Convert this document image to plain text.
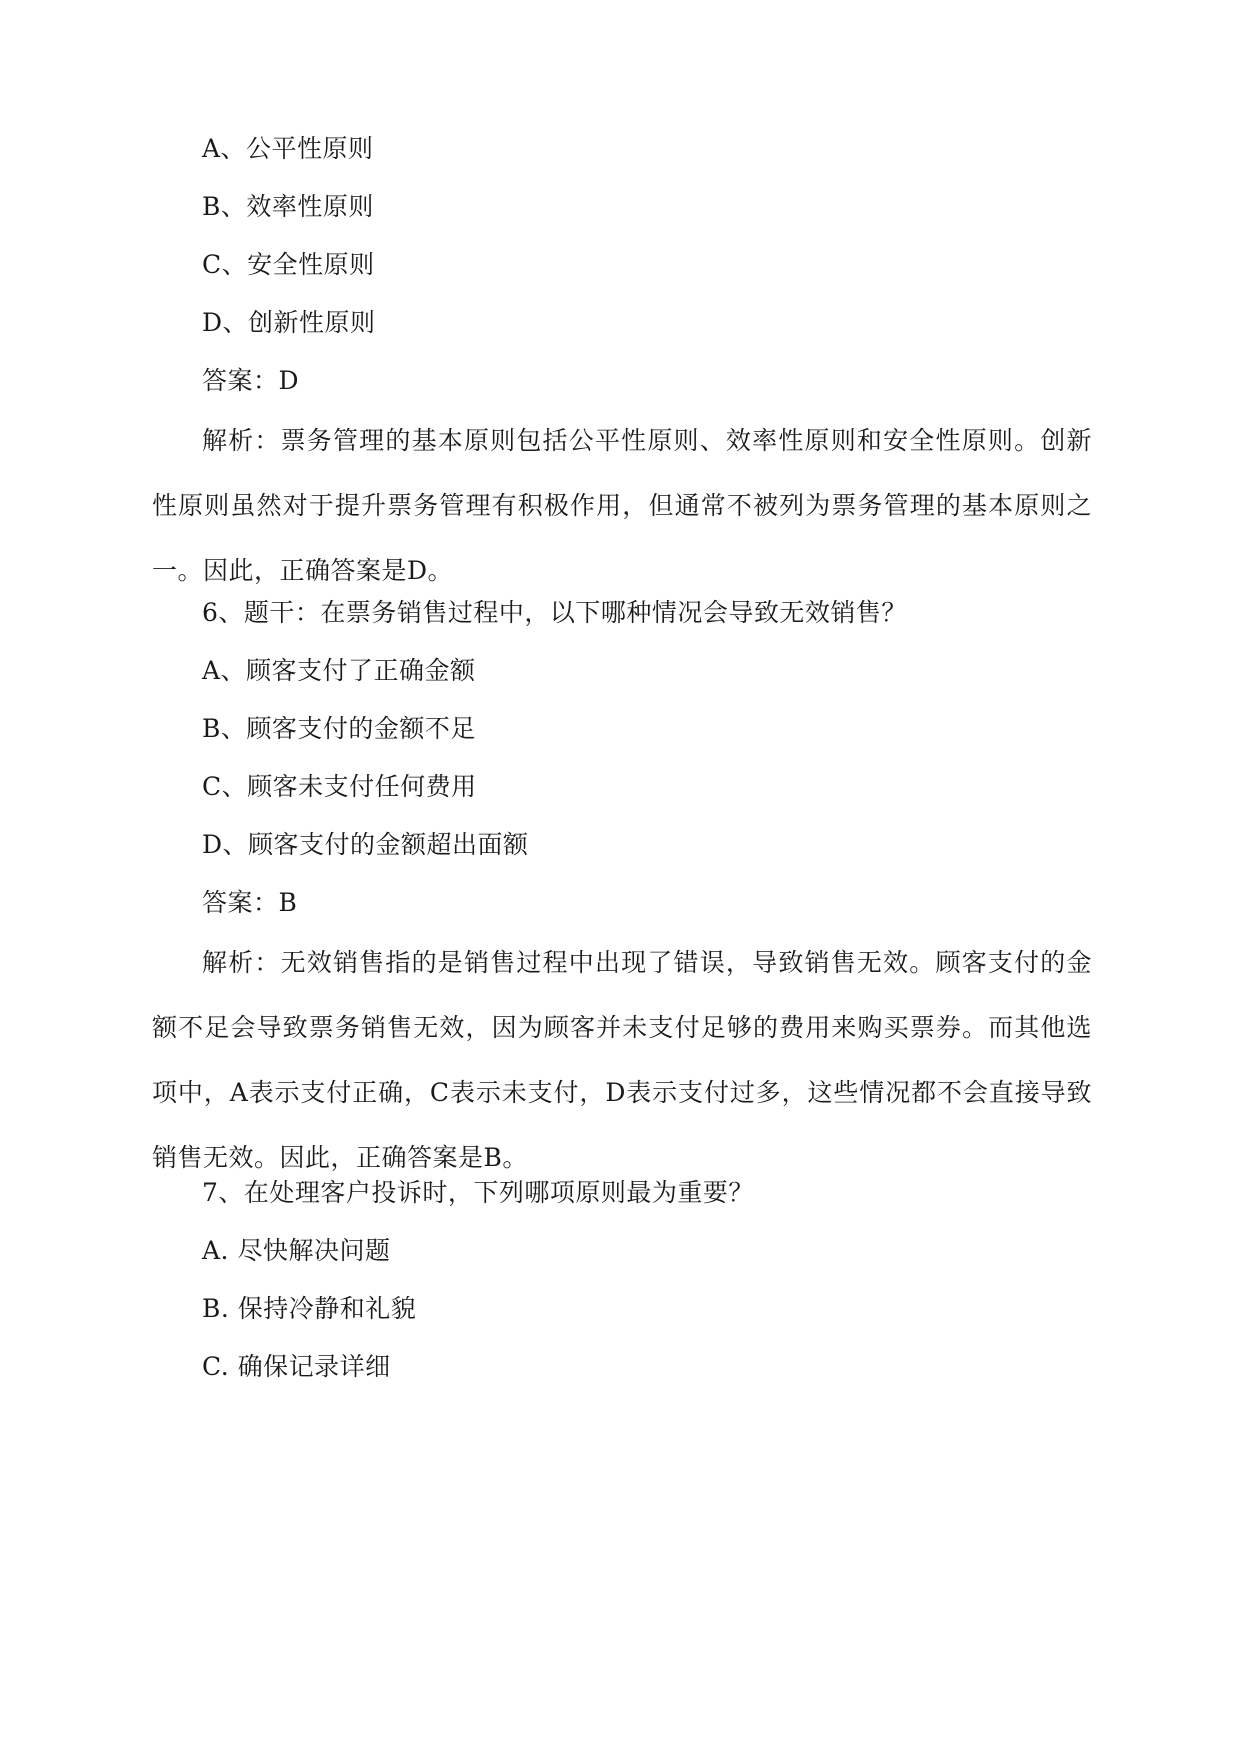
A、公平性原则
B、效率性原则
C、安全性原则
D、创新性原则
答案：D
解析：票务管理的基本原则包括公平性原则、效率性原则和安全性原则。创新性原则虽然对于提升票务管理有积极作用，但通常不被列为票务管理的基本原则之一。因此，正确答案是D。
6、题干：在票务销售过程中，以下哪种情况会导致无效销售？
A、顾客支付了正确金额
B、顾客支付的金额不足
C、顾客未支付任何费用
D、顾客支付的金额超出面额
答案：B
解析：无效销售指的是销售过程中出现了错误，导致销售无效。顾客支付的金额不足会导致票务销售无效，因为顾客并未支付足够的费用来购买票券。而其他选项中，A表示支付正确，C表示未支付，D表示支付过多，这些情况都不会直接导致销售无效。因此，正确答案是B。
7、在处理客户投诉时，下列哪项原则最为重要？
A. 尽快解决问题
B. 保持冷静和礼貌
C. 确保记录详细
